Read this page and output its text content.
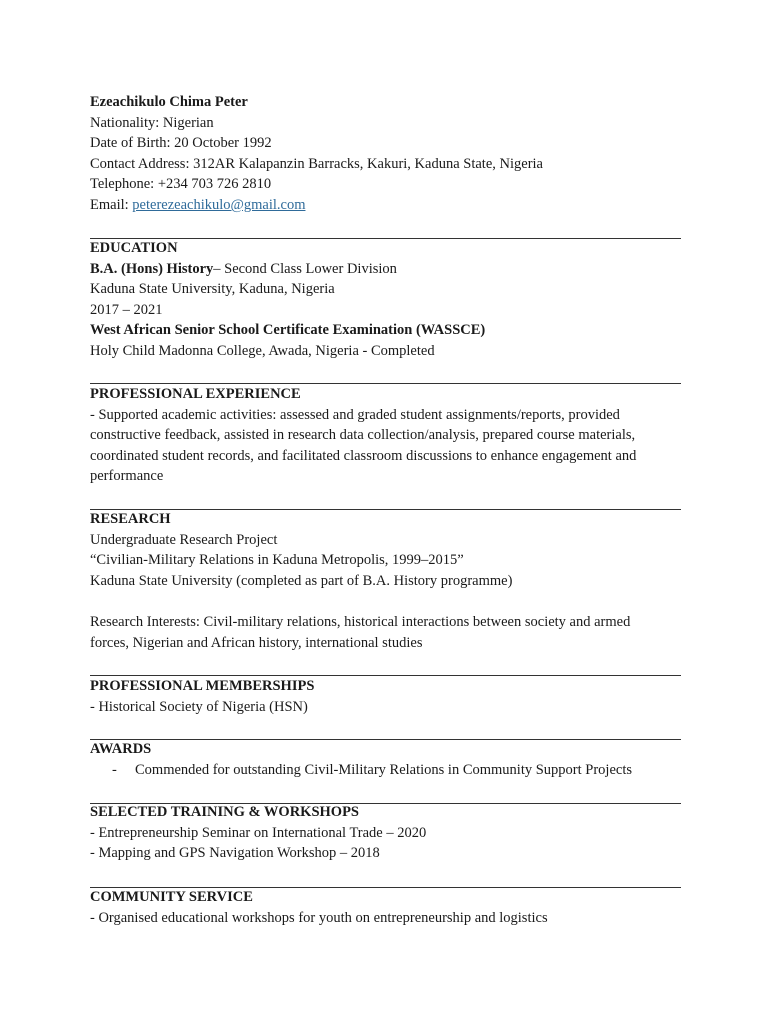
Ezeachikulo Chima Peter
Nationality: Nigerian
Date of Birth: 20 October 1992
Contact Address: 312AR Kalapanzin Barracks, Kakuri, Kaduna State, Nigeria
Telephone: +234 703 726 2810
Email: peterezeachikulo@gmail.com
EDUCATION
B.A. (Hons) History– Second Class Lower Division
Kaduna State University, Kaduna, Nigeria
2017 – 2021
West African Senior School Certificate Examination (WASSCE)
Holy Child Madonna College, Awada, Nigeria - Completed
PROFESSIONAL EXPERIENCE
- Supported academic activities: assessed and graded student assignments/reports, provided
constructive feedback, assisted in research data collection/analysis, prepared course materials,
coordinated student records, and facilitated classroom discussions to enhance engagement and
performance
RESEARCH
Undergraduate Research Project
“Civilian-Military Relations in Kaduna Metropolis, 1999–2015”
Kaduna State University (completed as part of B.A. History programme)
Research Interests: Civil-military relations, historical interactions between society and armed
forces, Nigerian and African history, international studies
PROFESSIONAL MEMBERSHIPS
- Historical Society of Nigeria (HSN)
AWARDS
-	Commended for outstanding Civil-Military Relations in Community Support Projects
SELECTED TRAINING & WORKSHOPS
- Entrepreneurship Seminar on International Trade – 2020
- Mapping and GPS Navigation Workshop – 2018
COMMUNITY SERVICE
- Organised educational workshops for youth on entrepreneurship and logistics
